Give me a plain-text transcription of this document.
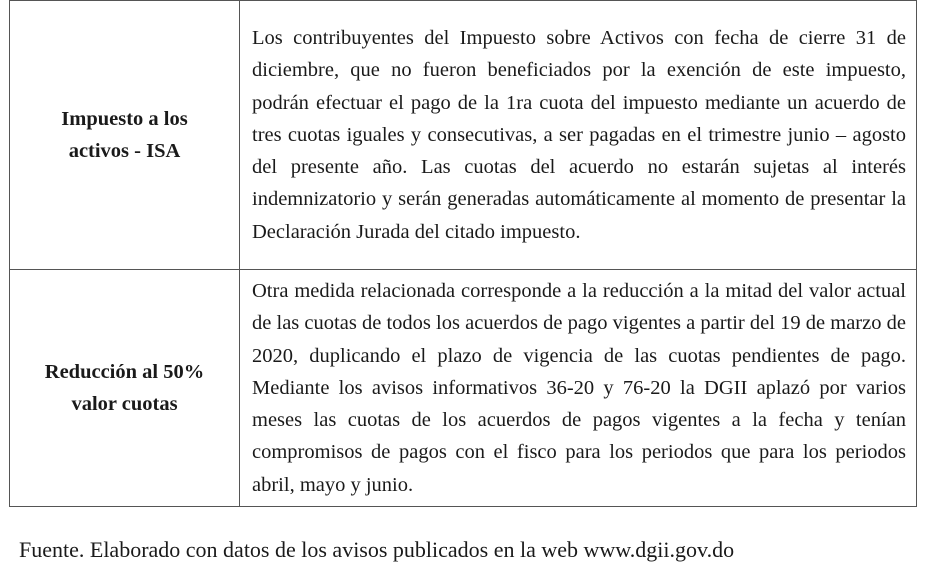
Impuesto a los activos - ISA	Los contribuyentes del Impuesto sobre Activos con fecha de cierre 31 de diciembre, que no fueron beneficiados por la exención de este impuesto, podrán efectuar el pago de la 1ra cuota del impuesto mediante un acuerdo de tres cuotas iguales y consecutivas, a ser pagadas en el trimestre junio – agosto del presente año. Las cuotas del acuerdo no estarán sujetas al interés indemnizatorio y serán generadas automáticamente al momento de presentar la Declaración Jurada del citado impuesto.
Reducción al 50% valor cuotas	Otra medida relacionada corresponde a la reducción a la mitad del valor actual de las cuotas de todos los acuerdos de pago vigentes a partir del 19 de marzo de 2020, duplicando el plazo de vigencia de las cuotas pendientes de pago. Mediante los avisos informativos 36-20 y 76-20 la DGII aplazó por varios meses las cuotas de los acuerdos de pagos vigentes a la fecha y tenían compromisos de pagos con el fisco para los periodos que para los periodos abril, mayo y junio.
Fuente. Elaborado con datos de los avisos publicados en la web www.dgii.gov.do
